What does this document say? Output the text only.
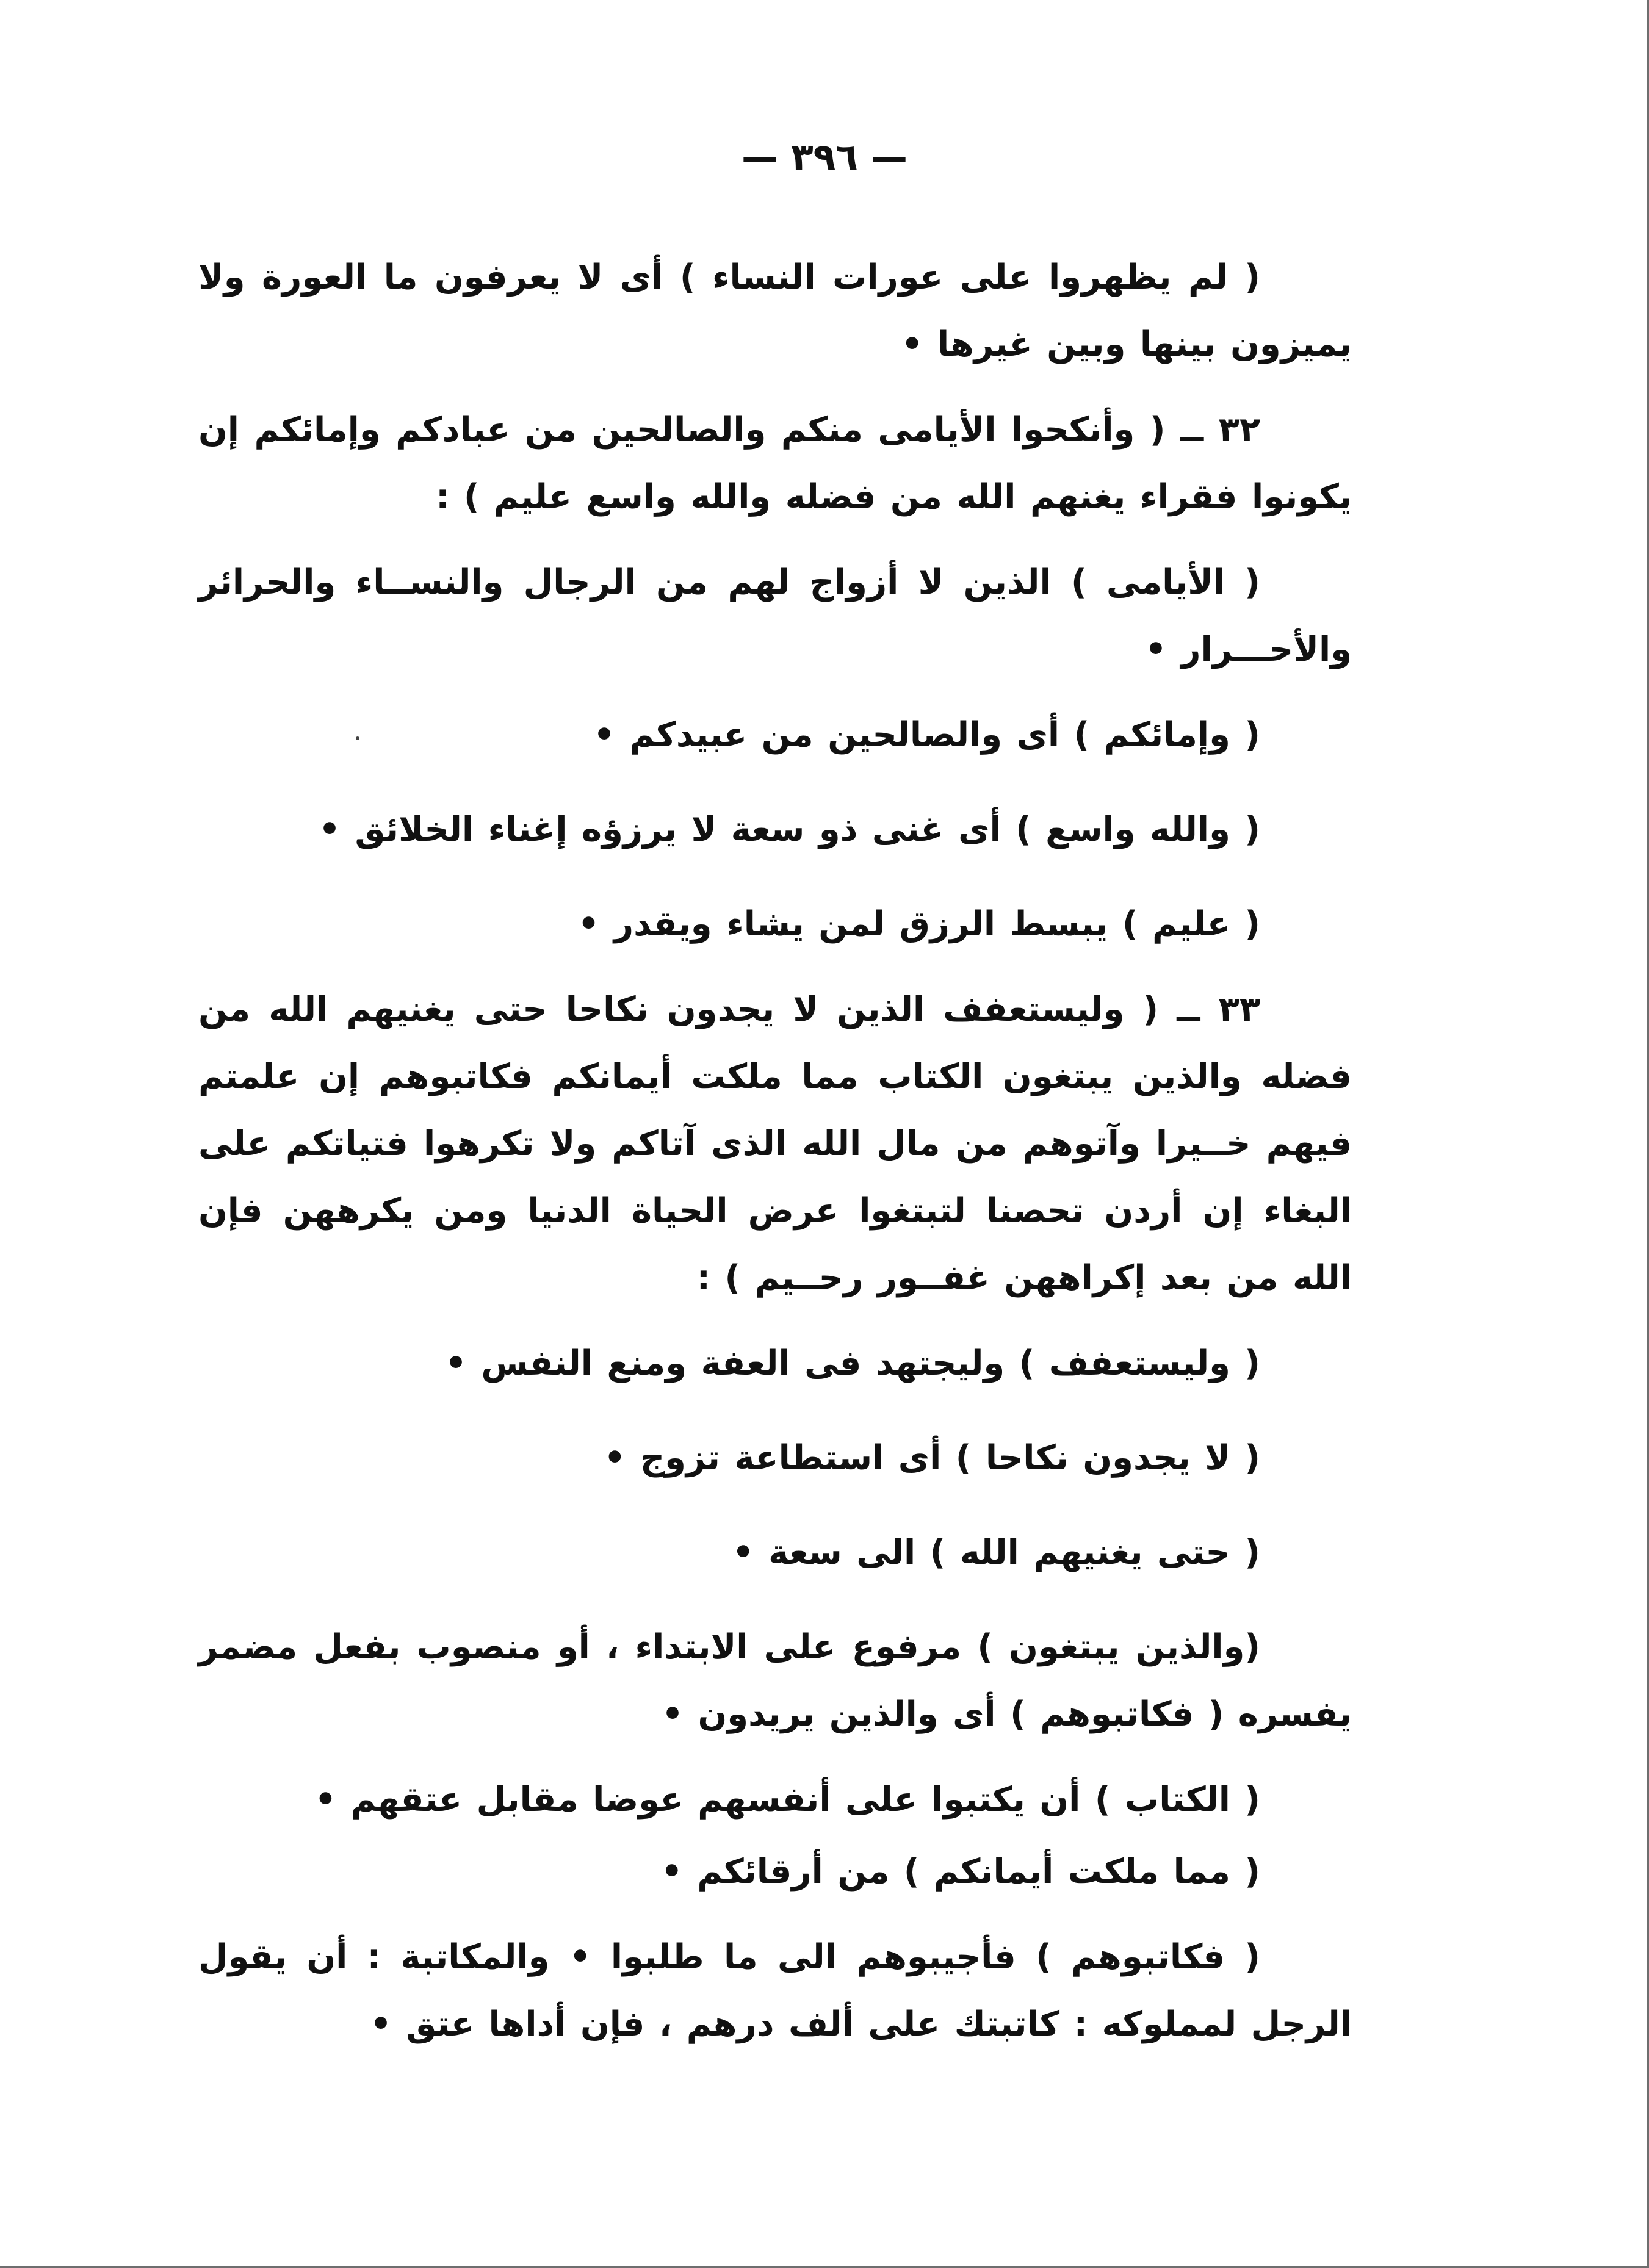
— ٣٩٦ —

( لم يظهروا على عورات النساء ) أى لا يعرفون ما العورة ولا يميزون بينها وبين غيرها •

٣٢ ــ ( وأنكحوا الأيامى منكم والصالحين من عبادكم وإمائكم إن يكونوا فقراء يغنهم الله من فضله والله واسع عليم ) :

( الأيامى ) الذين لا أزواج لهم من الرجال والنســاء والحرائر والأحـــرار •

( وإمائكم ) أى والصالحين من عبيدكم •

( والله واسع ) أى غنى ذو سعة لا يرزؤه إغناء الخلائق •

( عليم ) يبسط الرزق لمن يشاء ويقدر •

٣٣ ــ ( وليستعفف الذين لا يجدون نكاحا حتى يغنيهم الله من فضله والذين يبتغون الكتاب مما ملكت أيمانكم فكاتبوهم إن علمتم فيهم خــيرا وآتوهم من مال الله الذى آتاكم ولا تكرهوا فتياتكم على البغاء إن أردن تحصنا لتبتغوا عرض الحياة الدنيا ومن يكرههن فإن الله من بعد إكراههن غفــور رحــيم ) :

( وليستعفف ) وليجتهد فى العفة ومنع النفس •

( لا يجدون نكاحا ) أى استطاعة تزوج •

( حتى يغنيهم الله ) الى سعة •

(والذين يبتغون ) مرفوع على الابتداء ، أو منصوب بفعل مضمر يفسره ( فكاتبوهم ) أى والذين يريدون •

( الكتاب ) أن يكتبوا على أنفسهم عوضا مقابل عتقهم •

( مما ملكت أيمانكم ) من أرقائكم •

( فكاتبوهم ) فأجيبوهم الى ما طلبوا • والمكاتبة : أن يقول الرجل لمملوكه : كاتبتك على ألف درهم ، فإن أداها عتق •
